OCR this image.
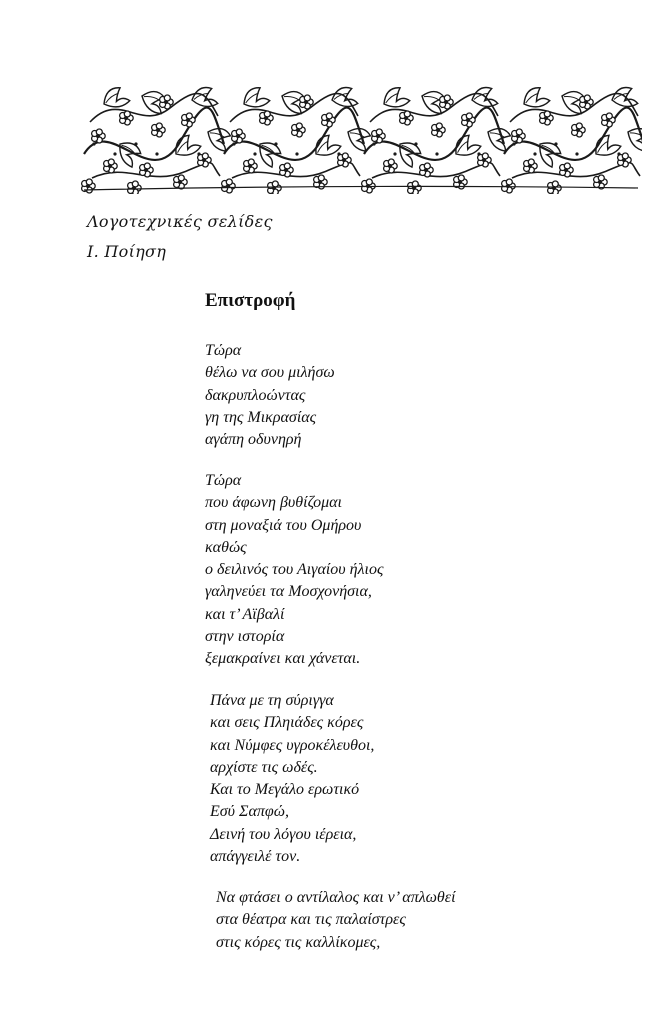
Λογοτεχνικές σελίδες
Ι. Ποίηση
Επιστροφή
Τώρα
θέλω να σου μιλήσω
δακρυπλοώντας
γη της Μικρασίας
αγάπη οδυνηρή
Τώρα
που άφωνη βυθίζομαι
στη μοναξιά του Ομήρου
καθώς
ο δειλινός του Αιγαίου ήλιος
γαληνεύει τα Μοσχονήσια,
και τ’ Αϊβαλί
στην ιστορία
ξεμακραίνει και χάνεται.
Πάνα με τη σύριγγα
και σεις Πληιάδες κόρες
και Νύμφες υγροκέλευθοι,
αρχίστε τις ωδές.
Και το Μεγάλο ερωτικό
Εσύ Σαπφώ,
Δεινή του λόγου ιέρεια,
απάγγειλέ τον.
Να φτάσει ο αντίλαλος και ν’ απλωθεί
στα θέατρα και τις παλαίστρες
στις κόρες τις καλλίκομες,
